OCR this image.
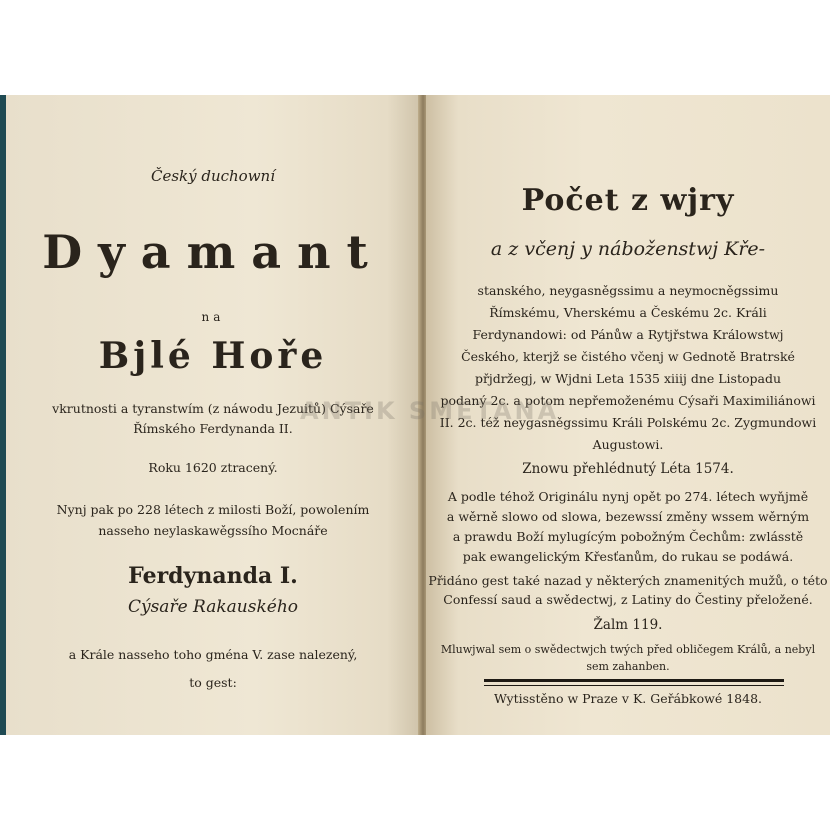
Český duchowní
Dyamant
na
Bjlé Hoře
vkrutnosti a tyranstwím (z náwodu Jezuitů) Cýsaře
Římského Ferdynanda II.
Roku 1620 ztracený.
Nynj pak po 228 létech z milosti Boží, powolením
nasseho neylaskawěgssího Mocnáře
Ferdynanda I.
Cýsaře Rakauského
a Krále nasseho toho gména V. zase nalezený,
to gest:
Počet z wjry
a z včenj y náboženstwj Kře-
stanského, neygasněgssimu a neymocněgssimu
Římskému, Vherskému a Českému 2c. Králi
Ferdynandowi: od Pánůw a Rytjřstwa Králowstwj
Českého, kterjž se čistého včenj w Gednotě Bratrské
přjdržegj, w Wjdni Leta 1535 xiiij dne Listopadu
podaný 2c. a potom nepřemoženému Cýsaři Maximiliánowi
II. 2c. též neygasněgssimu Králi Polskému 2c. Zygmundowi
Augustowi.
Znowu přehlédnutý Léta 1574.
A podle téhož Originálu nynj opět po 274. létech wyňjmě
a wěrně slowo od slowa, bezewssí změny wssem wěrným
a prawdu Boží mylugícým pobožným Čechům: zwlásstě
pak ewangelickým Křesťanům, do rukau se podáwá.
Přidáno gest také nazad y některých znamenitých mužů, o této
Confessí saud a swědectwj, z Latiny do Čestiny přeložené.
Žalm 119.
Mluwjwal sem o swědectwjch twých před obličegem Králů, a nebyl
sem zahanben.
Wytisstěno w Praze v K. Geřábkowé 1848.
ANTIK SMETANA
